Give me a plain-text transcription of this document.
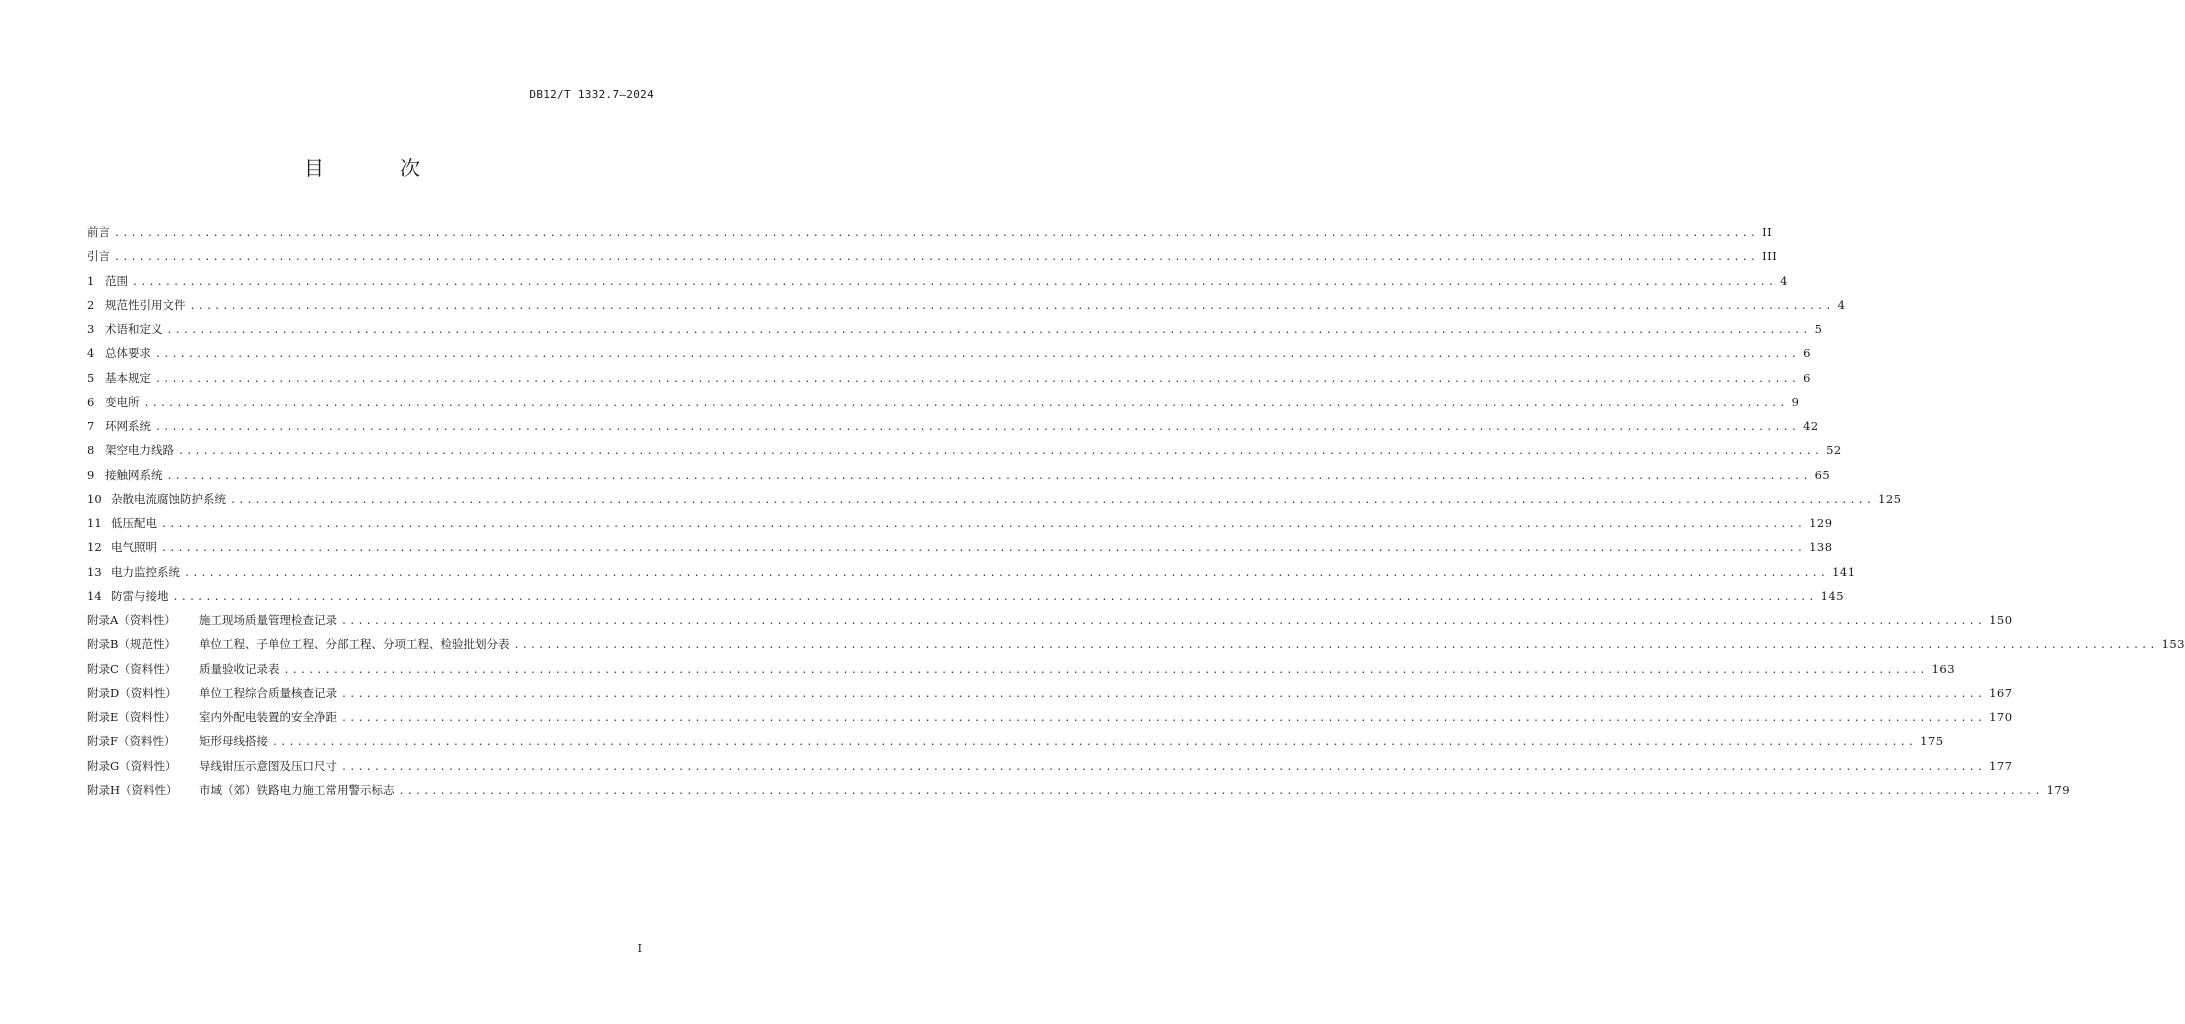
DB12/T 1332.7—2024
目　次
前言 ........................................................................................................................................................................................................ II
引言 ........................................................................................................................................................................................................ III
1 范围 ........................................................................................................................................................................................................ 4
2 规范性引用文件 ........................................................................................................................................................................................................ 4
3 术语和定义 ........................................................................................................................................................................................................ 5
4 总体要求 ........................................................................................................................................................................................................ 6
5 基本规定 ........................................................................................................................................................................................................ 6
6 变电所 ........................................................................................................................................................................................................ 9
7 环网系统 ........................................................................................................................................................................................................ 42
8 架空电力线路 ........................................................................................................................................................................................................ 52
9 接触网系统 ........................................................................................................................................................................................................ 65
10 杂散电流腐蚀防护系统 ........................................................................................................................................................................................................ 125
11 低压配电 ........................................................................................................................................................................................................ 129
12 电气照明 ........................................................................................................................................................................................................ 138
13 电力监控系统 ........................................................................................................................................................................................................ 141
14 防雷与接地 ........................................................................................................................................................................................................ 145
附录A（资料性）	施工现场质量管理检查记录 ........................................................................................................................................................................................................ 150
附录B（规范性）	单位工程、子单位工程、分部工程、分项工程、检验批划分表 ........................................................................................................................................................................................................ 153
附录C（资料性）	质量验收记录表 ........................................................................................................................................................................................................ 163
附录D（资料性）	单位工程综合质量核查记录 ........................................................................................................................................................................................................ 167
附录E（资料性）	室内外配电装置的安全净距 ........................................................................................................................................................................................................ 170
附录F（资料性）	矩形母线搭接 ........................................................................................................................................................................................................ 175
附录G（资料性）	导线钳压示意图及压口尺寸 ........................................................................................................................................................................................................ 177
附录H（资料性）	市域（郊）铁路电力施工常用警示标志 ........................................................................................................................................................................................................ 179
I
